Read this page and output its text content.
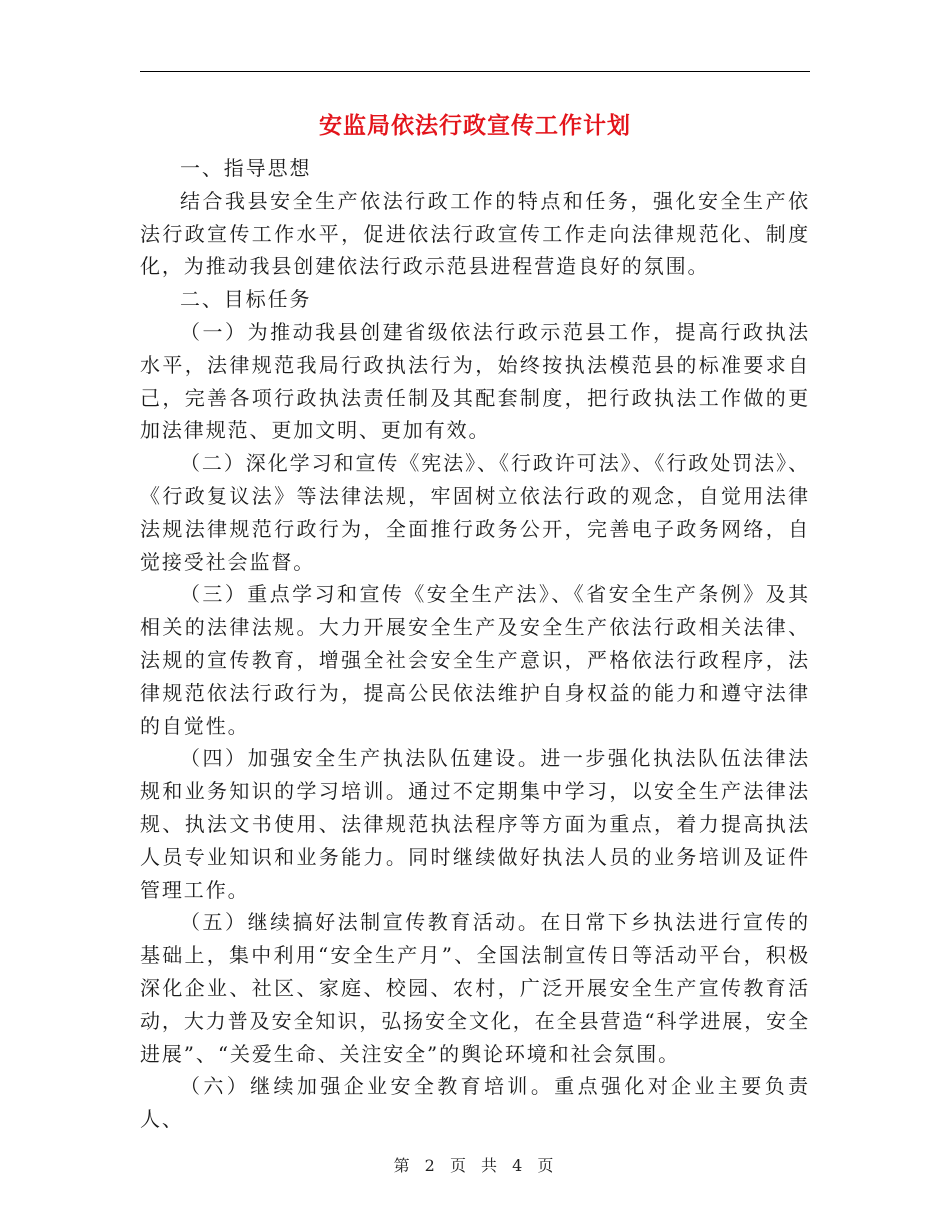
安监局依法行政宣传工作计划

一、指导思想

结合我县安全生产依法行政工作的特点和任务，强化安全生产依法行政宣传工作水平，促进依法行政宣传工作走向法律规范化、制度化，为推动我县创建依法行政示范县进程营造良好的氛围。

二、目标任务

（一）为推动我县创建省级依法行政示范县工作，提高行政执法水平，法律规范我局行政执法行为，始终按执法模范县的标准要求自己，完善各项行政执法责任制及其配套制度，把行政执法工作做的更加法律规范、更加文明、更加有效。

（二）深化学习和宣传《宪法》、《行政许可法》、《行政处罚法》、《行政复议法》等法律法规，牢固树立依法行政的观念，自觉用法律法规法律规范行政行为，全面推行政务公开，完善电子政务网络，自觉接受社会监督。

（三）重点学习和宣传《安全生产法》、《省安全生产条例》及其相关的法律法规。大力开展安全生产及安全生产依法行政相关法律、法规的宣传教育，增强全社会安全生产意识，严格依法行政程序，法律规范依法行政行为，提高公民依法维护自身权益的能力和遵守法律的自觉性。

（四）加强安全生产执法队伍建设。进一步强化执法队伍法律法规和业务知识的学习培训。通过不定期集中学习，以安全生产法律法规、执法文书使用、法律规范执法程序等方面为重点，着力提高执法人员专业知识和业务能力。同时继续做好执法人员的业务培训及证件管理工作。

（五）继续搞好法制宣传教育活动。在日常下乡执法进行宣传的基础上，集中利用“安全生产月”、全国法制宣传日等活动平台，积极深化企业、社区、家庭、校园、农村，广泛开展安全生产宣传教育活动，大力普及安全知识，弘扬安全文化，在全县营造“科学进展，安全进展”、“关爱生命、关注安全”的舆论环境和社会氛围。

（六）继续加强企业安全教育培训。重点强化对企业主要负责人、

第 2 页 共 4 页
